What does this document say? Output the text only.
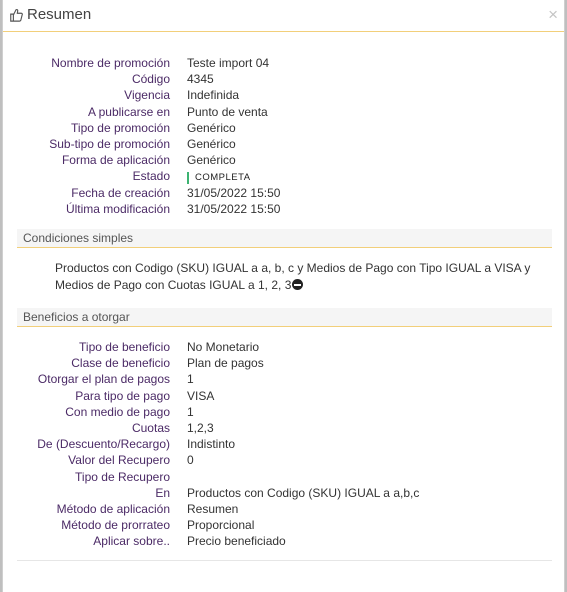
Resumen	×
Nombre de promoción Teste import 04
Código 4345
Vigencia Indefinida
A publicarse en Punto de venta
Tipo de promoción Genérico
Sub-tipo de promoción Genérico
Forma de aplicación Genérico
Estado	COMPLETA
Fecha de creación 31/05/2022 15:50
Última modificación 31/05/2022 15:50
Condiciones simples
Productos con Codigo (SKU) IGUAL a a, b, c y Medios de Pago con Tipo IGUAL a VISA y Medios de Pago con Cuotas IGUAL a 1, 2, 3
Beneficios a otorgar
Tipo de beneficio No Monetario
Clase de beneficio Plan de pagos
Otorgar el plan de pagos 1
Para tipo de pago VISA
Con medio de pago 1
Cuotas 1,2,3
De (Descuento/Recargo) Indistinto
Valor del Recupero 0
Tipo de Recupero
En Productos con Codigo (SKU) IGUAL a a,b,c
Método de aplicación Resumen
Método de prorrateo Proporcional
Aplicar sobre.. Precio beneficiado
